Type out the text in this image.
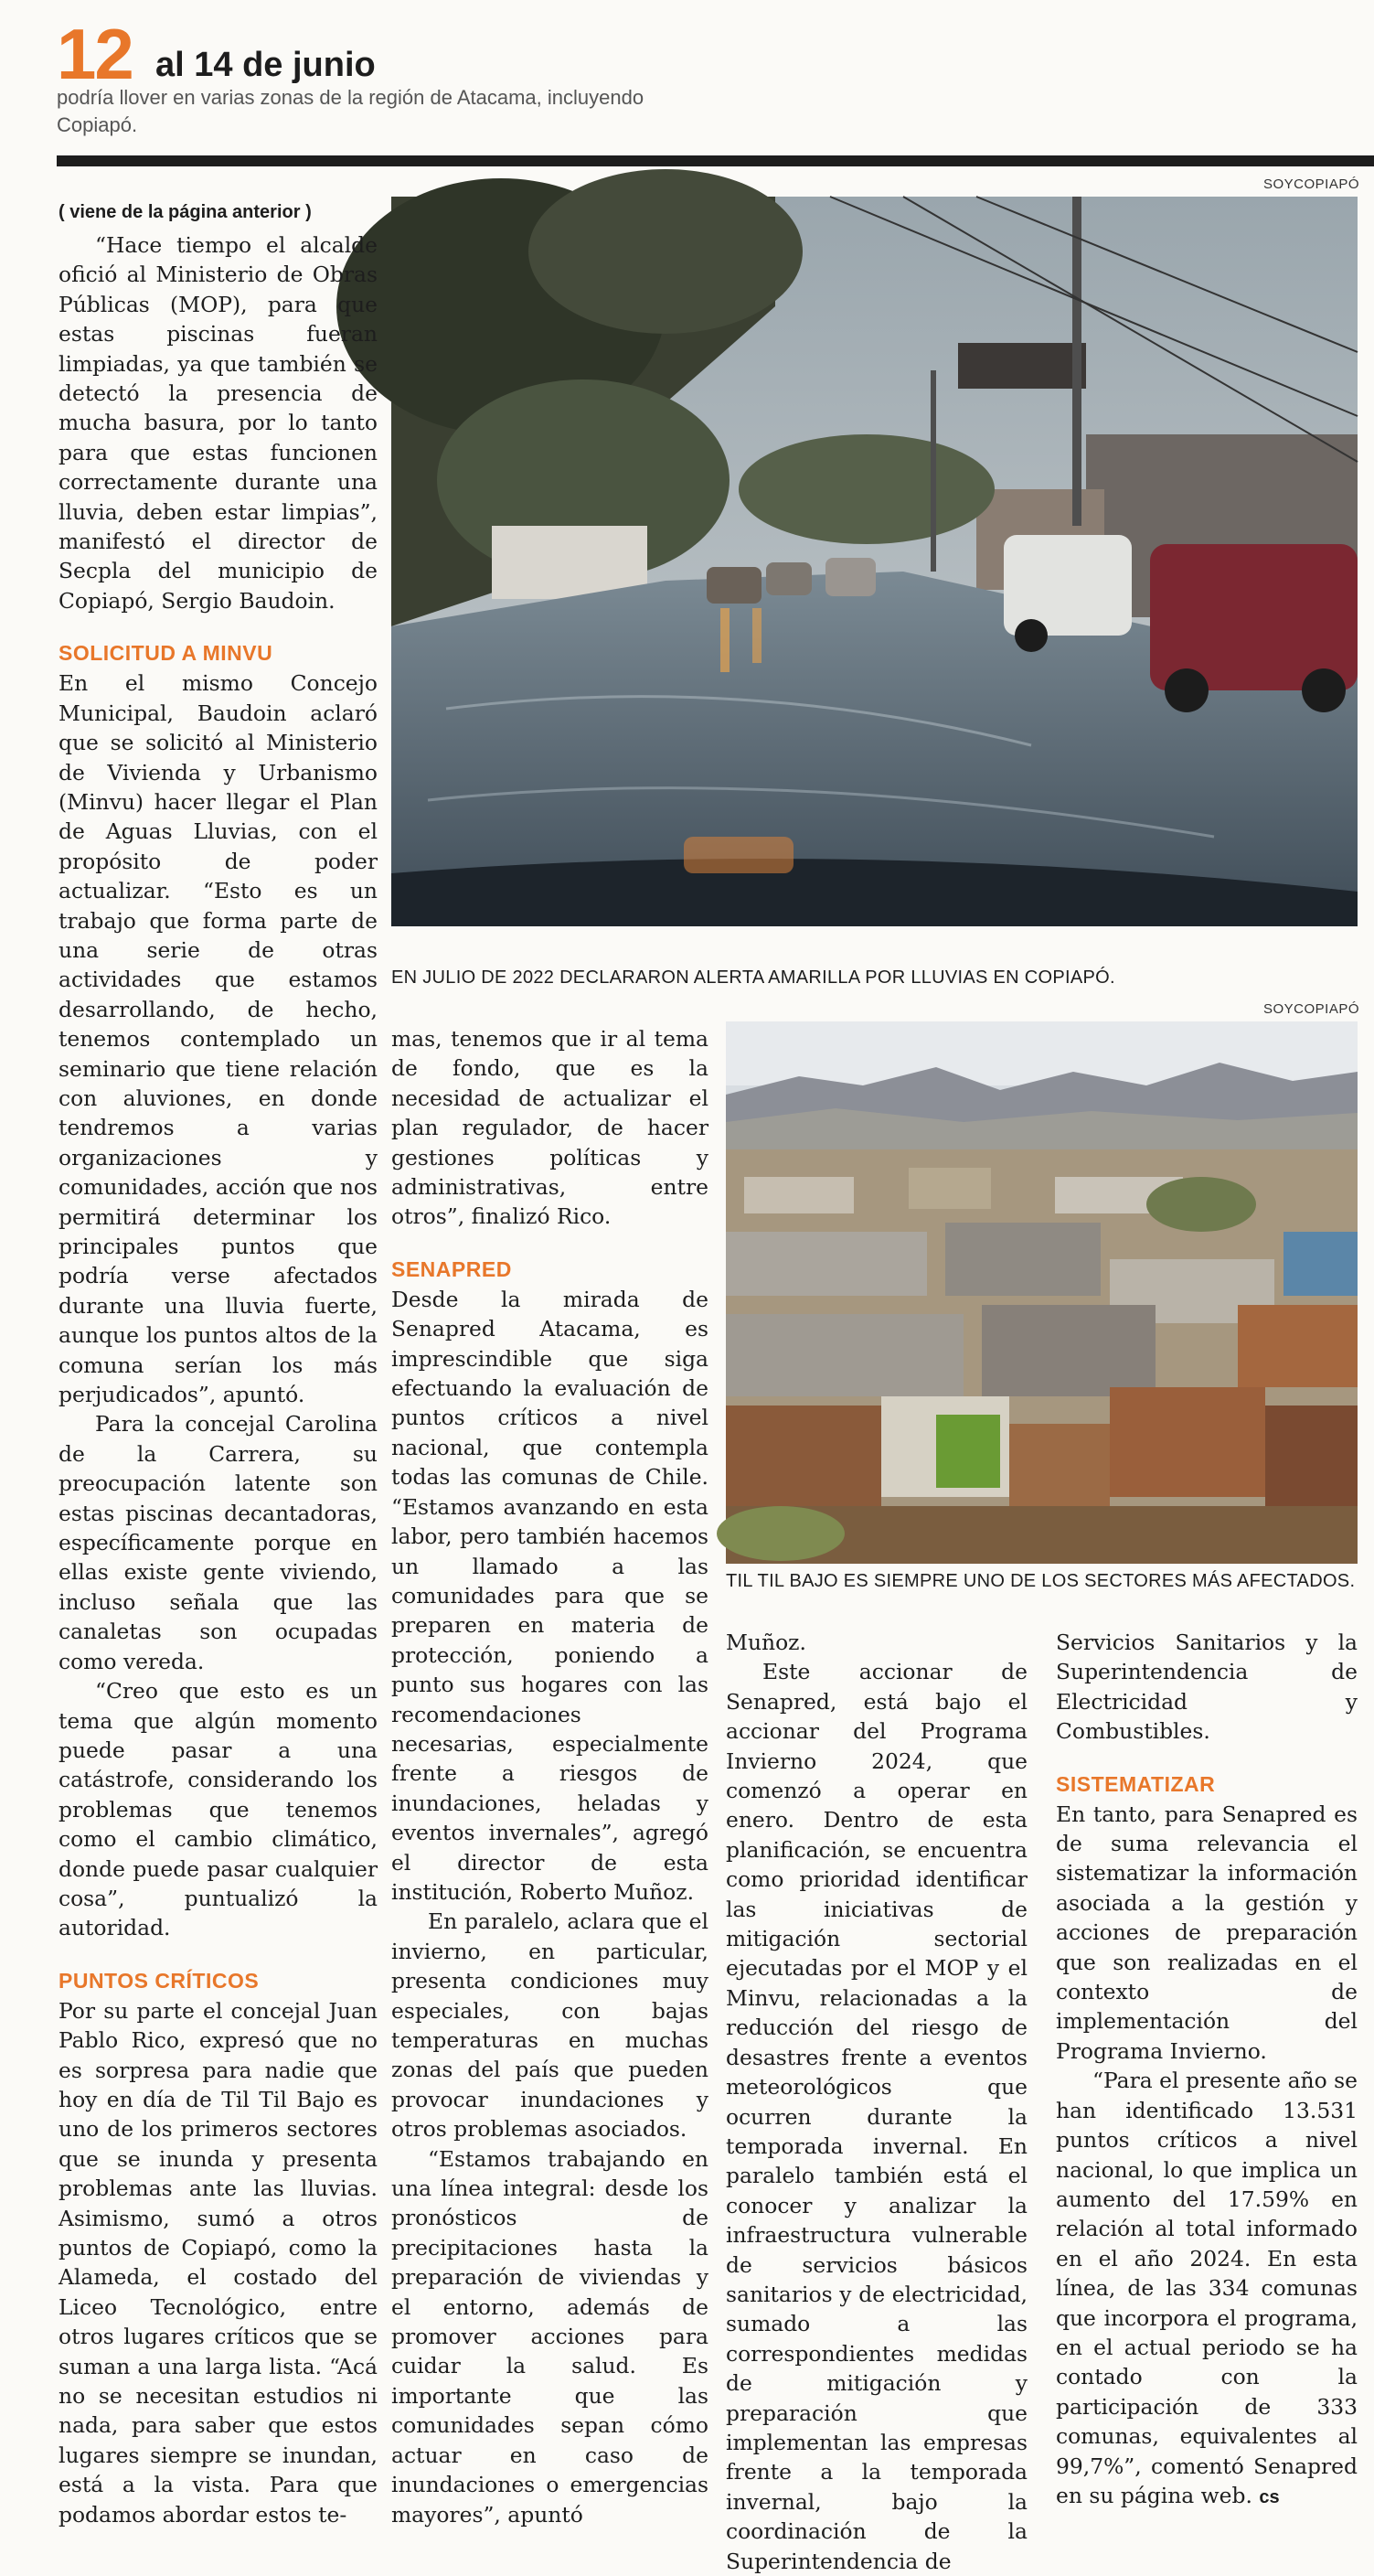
12 al 14 de junio
podría llover en varias zonas de la región de Atacama, incluyendo Copiapó.
SOYCOPIAPÓ
EN JULIO DE 2022 DECLARARON ALERTA AMARILLA POR LLUVIAS EN COPIAPÓ.
SOYCOPIAPÓ
TIL TIL BAJO ES SIEMPRE UNO DE LOS SECTORES MÁS AFECTADOS.
( viene de la página anterior )

“Hace tiempo el alcalde ofició al Ministerio de Obras Públicas (MOP), para que estas piscinas fueran limpiadas, ya que también se detectó la presencia de mucha basura, por lo tanto para que estas funcionen correctamente durante una lluvia, deben estar limpias”, manifestó el director de Secpla del municipio de Copiapó, Sergio Baudoin.

SOLICITUD A MINVU

En el mismo Concejo Municipal, Baudoin aclaró que se solicitó al Ministerio de Vivienda y Urbanismo (Minvu) hacer llegar el Plan de Aguas Lluvias, con el propósito de poder actualizar. “Esto es un trabajo que forma parte de una serie de otras actividades que estamos desarrollando, de hecho, tenemos contemplado un seminario que tiene relación con aluviones, en donde tendremos a varias organizaciones y comunidades, acción que nos permitirá determinar los principales puntos que podría verse afectados durante una lluvia fuerte, aunque los puntos altos de la comuna serían los más perjudicados”, apuntó.

Para la concejal Carolina de la Carrera, su preocupación latente son estas piscinas decantadoras, específicamente porque en ellas existe gente viviendo, incluso señala que las canaletas son ocupadas como vereda.

“Creo que esto es un tema que algún momento puede pasar a una catástrofe, considerando los problemas que tenemos como el cambio climático, donde puede pasar cualquier cosa”, puntualizó la autoridad.

PUNTOS CRÍTICOS

Por su parte el concejal Juan Pablo Rico, expresó que no es sorpresa para nadie que hoy en día de Til Til Bajo es uno de los primeros sectores que se inunda y presenta problemas ante las lluvias. Asimismo, sumó a otros puntos de Copiapó, como la Alameda, el costado del Liceo Tecnológico, entre otros lugares críticos que se suman a una larga lista. “Acá no se necesitan estudios ni nada, para saber que estos lugares siempre se inundan, está a la vista. Para que podamos abordar estos te-

mas, tenemos que ir al tema de fondo, que es la necesidad de actualizar el plan regulador, de hacer gestiones políticas y administrativas, entre otros”, finalizó Rico.

SENAPRED

Desde la mirada de Senapred Atacama, es imprescindible que siga efectuando la evaluación de puntos críticos a nivel nacional, que contempla todas las comunas de Chile. “Estamos avanzando en esta labor, pero también hacemos un llamado a las comunidades para que se preparen en materia de protección, poniendo a punto sus hogares con las recomendaciones necesarias, especialmente frente a riesgos de inundaciones, heladas y eventos invernales”, agregó el director de esta institución, Roberto Muñoz.

En paralelo, aclara que el invierno, en particular, presenta condiciones muy especiales, con bajas temperaturas en muchas zonas del país que pueden provocar inundaciones y otros problemas asociados.

“Estamos trabajando en una línea integral: desde los pronósticos de precipitaciones hasta la preparación de viviendas y el entorno, además de promover acciones para cuidar la salud. Es importante que las comunidades sepan cómo actuar en caso de inundaciones o emergencias mayores”, apuntó

Muñoz.

Este accionar de Senapred, está bajo el accionar del Programa Invierno 2024, que comenzó a operar en enero. Dentro de esta planificación, se encuentra como prioridad identificar las iniciativas de mitigación sectorial ejecutadas por el MOP y el Minvu, relacionadas a la reducción del riesgo de desastres frente a eventos meteorológicos que ocurren durante la temporada invernal. En paralelo también está el conocer y analizar la infraestructura vulnerable de servicios básicos sanitarios y de electricidad, sumado a las correspondientes medidas de mitigación y preparación que implementan las empresas frente a la temporada invernal, bajo la coordinación de la Superintendencia de

Servicios Sanitarios y la Superintendencia de Electricidad y Combustibles.

SISTEMATIZAR

En tanto, para Senapred es de suma relevancia el sistematizar la información asociada a la gestión y acciones de preparación que son realizadas en el contexto de implementación del Programa Invierno.

“Para el presente año se han identificado 13.531 puntos críticos a nivel nacional, lo que implica un aumento del 17.59% en relación al total informado en el año 2024. En esta línea, de las 334 comunas que incorpora el programa, en el actual periodo se ha contado con la participación de 333 comunas, equivalentes al 99,7%”, comentó Senapred en su página web. cs
